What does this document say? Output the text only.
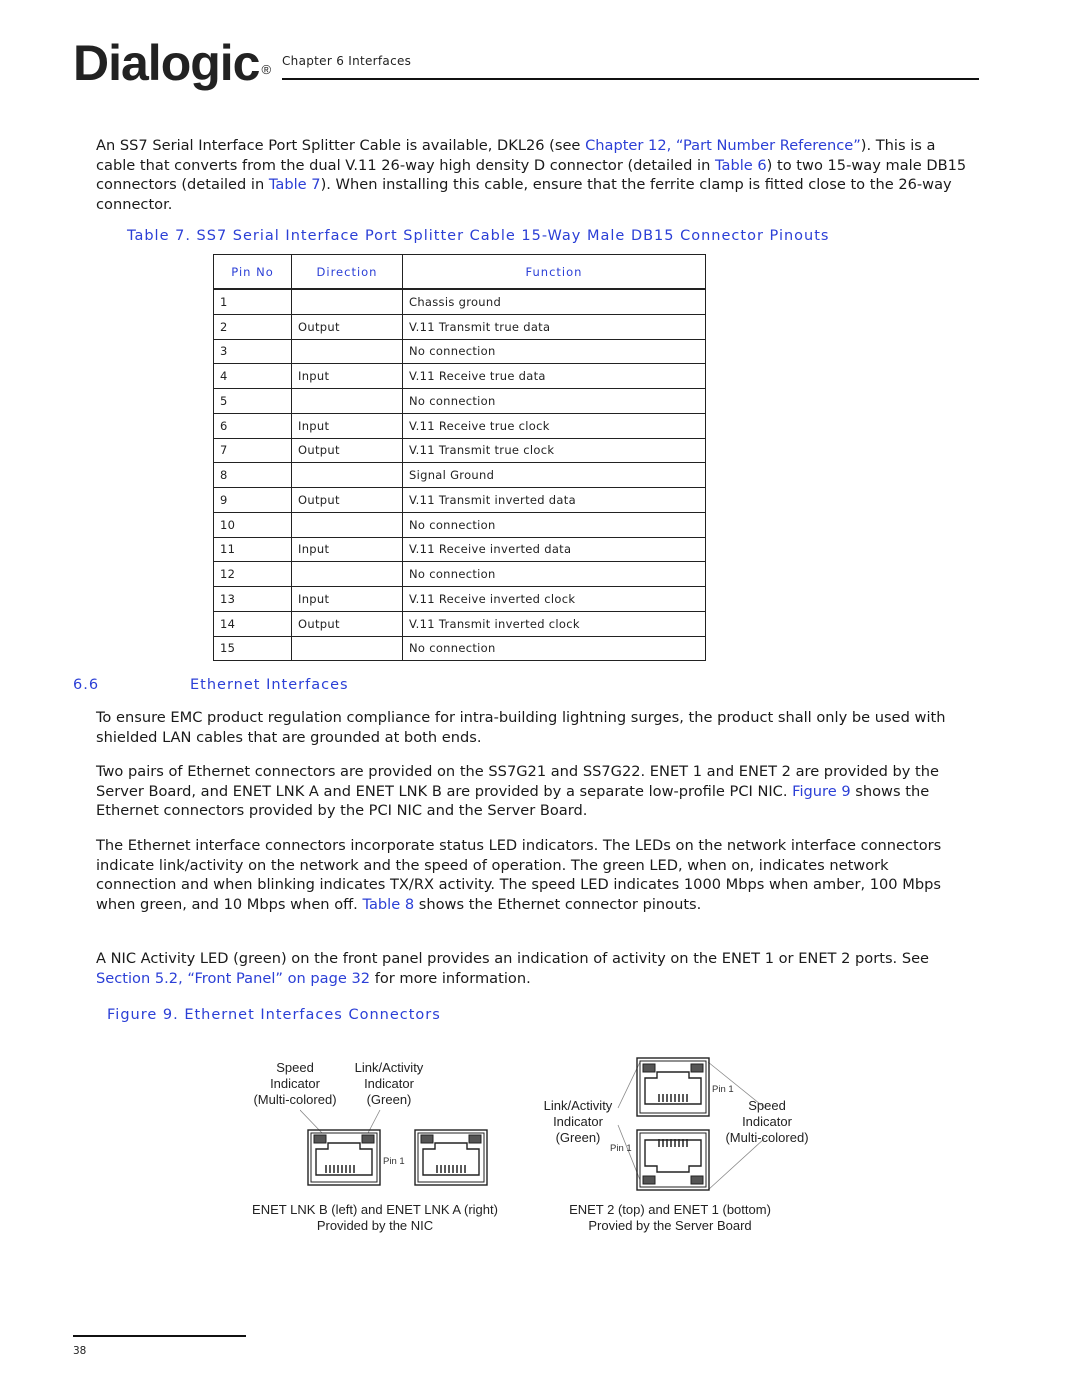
Dialogic ®
Chapter 6 Interfaces
An SS7 Serial Interface Port Splitter Cable is available, DKL26 (see Chapter 12, “Part Number Reference”). This is a cable that converts from the dual V.11 26-way high density D connector (detailed in Table 6) to two 15-way male DB15 connectors (detailed in Table 7). When installing this cable, ensure that the ferrite clamp is fitted close to the 26-way connector.
Table 7. SS7 Serial Interface Port Splitter Cable 15-Way Male DB15 Connector Pinouts
Pin No	Direction	Function

1		Chassis ground
2	Output	V.11 Transmit true data
3		No connection
4	Input	V.11 Receive true data
5		No connection
6	Input	V.11 Receive true clock
7	Output	V.11 Transmit true clock
8		Signal Ground
9	Output	V.11 Transmit inverted data
10		No connection
11	Input	V.11 Receive inverted data
12		No connection
13	Input	V.11 Receive inverted clock
14	Output	V.11 Transmit inverted clock
15		No connection
6.6	Ethernet Interfaces
To ensure EMC product regulation compliance for intra-building lightning surges, the product shall only be used with shielded LAN cables that are grounded at both ends.
Two pairs of Ethernet connectors are provided on the SS7G21 and SS7G22. ENET 1 and ENET 2 are provided by the Server Board, and ENET LNK A and ENET LNK B are provided by a separate low-profile PCI NIC. Figure 9 shows the Ethernet connectors provided by the PCI NIC and the Server Board.
The Ethernet interface connectors incorporate status LED indicators. The LEDs on the network interface connectors indicate link/activity on the network and the speed of operation. The green LED, when on, indicates network connection and when blinking indicates TX/RX activity. The speed LED indicates 1000 Mbps when amber, 100 Mbps when green, and 10 Mbps when off. Table 8 shows the Ethernet connector pinouts.
A NIC Activity LED (green) on the front panel provides an indication of activity on the ENET 1 or ENET 2 ports. See Section 5.2, “Front Panel” on page 32 for more information.
Figure 9. Ethernet Interfaces Connectors
Speed
Indicator
(Multi-colored)
Link/Activity
Indicator
(Green)
Pin 1
ENET LNK B (left) and ENET LNK A (right)
Provided by the NIC
Pin 1
Pin 1
Link/Activity
Indicator
(Green)
Speed
Indicator
(Multi-colored)
ENET 2 (top) and ENET 1 (bottom)
Provied by the Server Board
38
